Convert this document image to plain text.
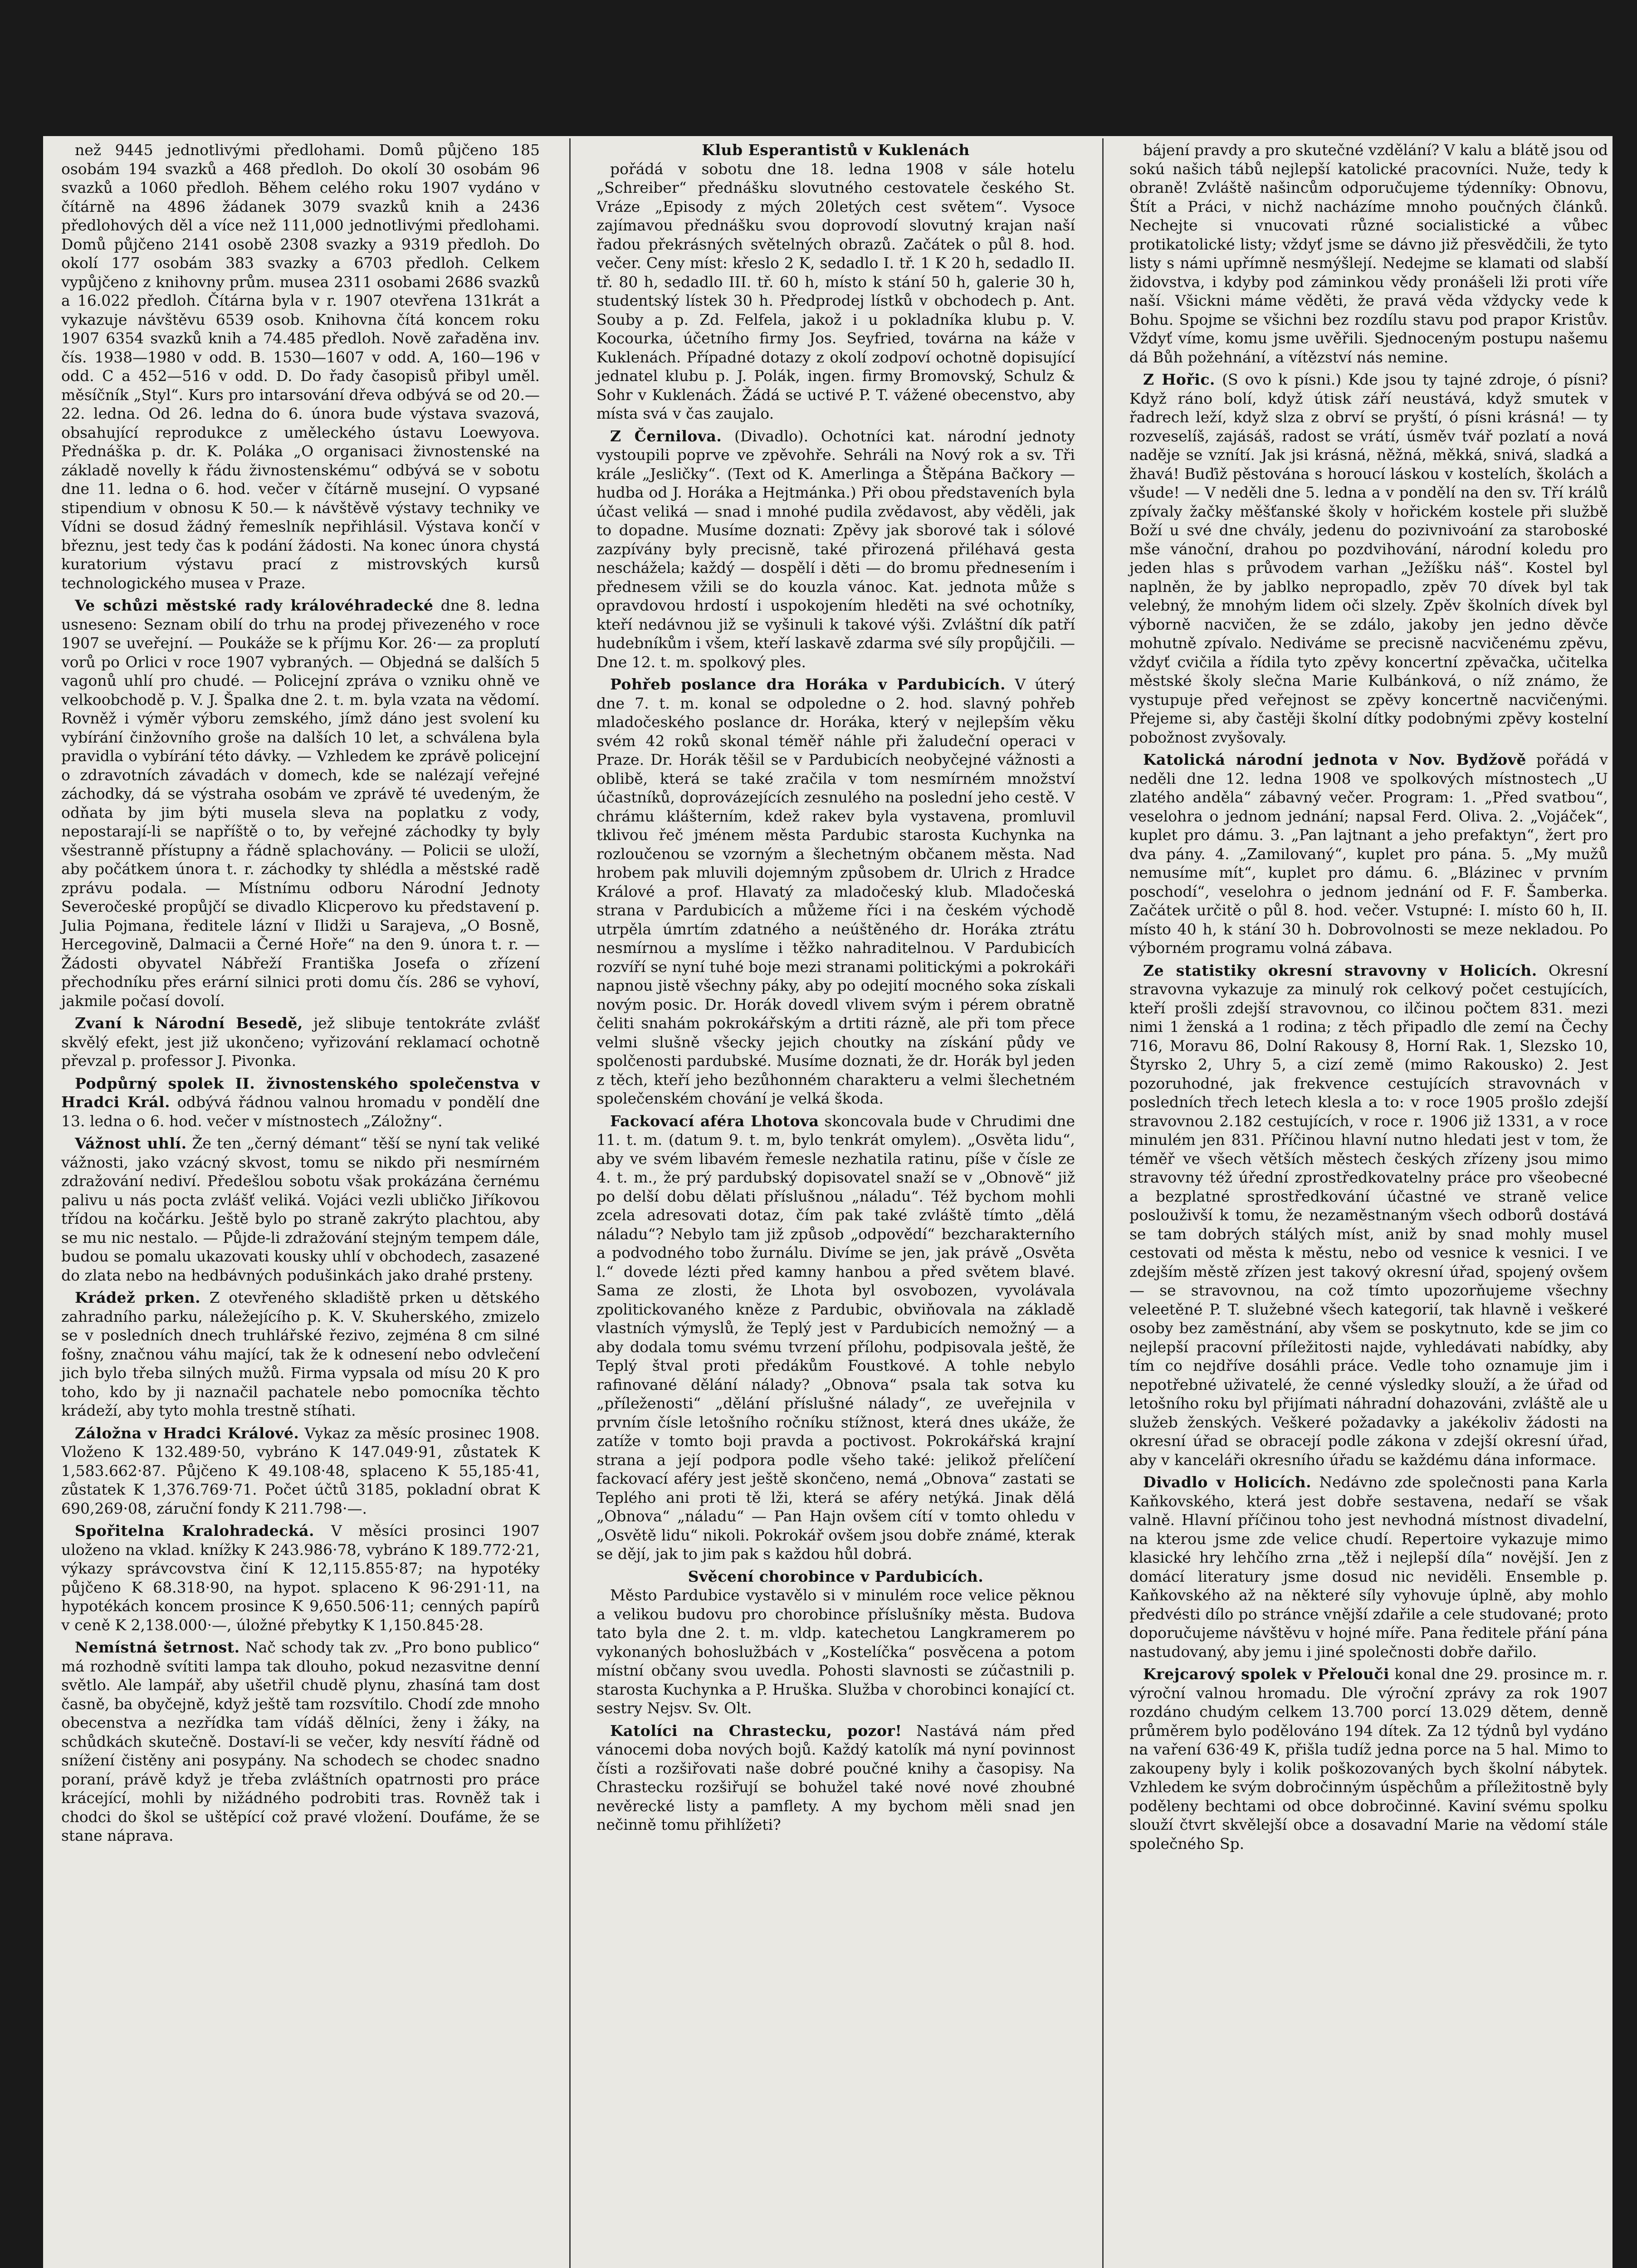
než 9445 jednotlivými předlohami. Domů půjčeno 185 osobám 194 svazků a 468 předloh. Do okolí 30 osobám 96 svazků a 1060 předloh. Během celého roku 1907 vydáno v čítárně na 4896 žádanek 3079 svazků knih a 2436 předlohových děl a více než 111,000 jednotlivými předlohami. Domů půjčeno 2141 osobě 2308 svazky a 9319 předloh. Do okolí 177 osobám 383 svazky a 6703 předloh. Celkem vypůjčeno z knihovny prům. musea 2311 osobami 2686 svazků a 16.022 předloh. Čítárna byla v r. 1907 otevřena 131krát a vykazuje návštěvu 6539 osob. Knihovna čítá koncem roku 1907 6354 svazků knih a 74.485 předloh. Nově zařaděna inv. čís. 1938—1980 v odd. B. 1530—1607 v odd. A, 160—196 v odd. C a 452—516 v odd. D. Do řady časopisů přibyl uměl. měsíčník „Styl“. Kurs pro intarsování dřeva odbývá se od 20.—22. ledna. Od 26. ledna do 6. února bude výstava svazová, obsahující reprodukce z uměleckého ústavu Loewyova. Přednáška p. dr. K. Poláka „O organisaci živnostenské na základě novelly k řádu živnostenskému“ odbývá se v sobotu dne 11. ledna o 6. hod. večer v čítárně musejní. O vypsané stipendium v obnosu K 50.— k návštěvě výstavy techniky ve Vídni se dosud žádný řemeslník nepřihlásil. Výstava končí v březnu, jest tedy čas k podání žádosti. Na konec února chystá kuratorium výstavu prací z mistrovských kursů technologického musea v Praze.

Ve schůzi městské rady královéhradecké dne 8. ledna usneseno: Seznam obilí do trhu na prodej přivezeného v roce 1907 se uveřejní. — Poukáže se k příjmu Kor. 26·— za proplutí vorů po Orlici v roce 1907 vybraných. — Objedná se dalších 5 vagonů uhlí pro chudé. — Policejní zpráva o vzniku ohně ve velkoobchodě p. V. J. Špalka dne 2. t. m. byla vzata na vědomí. Rovněž i výměr výboru zemského, jímž dáno jest svolení ku vybírání činžovního groše na dalších 10 let, a schválena byla pravidla o vybírání této dávky. — Vzhledem ke zprávě policejní o zdravotních závadách v domech, kde se nalézají veřejné záchodky, dá se výstraha osobám ve zprávě té uvedeným, že odňata by jim býti musela sleva na poplatku z vody, nepostarají-li se napříště o to, by veřejné záchodky ty byly všestranně přístupny a řádně splachovány. — Policii se uloží, aby počátkem února t. r. záchodky ty shlédla a městské radě zprávu podala. — Místnímu odboru Národní Jednoty Severočeské propůjčí se divadlo Klicperovo ku představení p. Julia Pojmana, ředitele lázní v Ilidži u Sarajeva, „O Bosně, Hercegovině, Dalmacii a Černé Hoře“ na den 9. února t. r. — Žádosti obyvatel Nábřeží Františka Josefa o zřízení přechodníku přes erární silnici proti domu čís. 286 se vyhoví, jakmile počasí dovolí.

Zvaní k Národní Besedě, jež slibuje tentokráte zvlášť skvělý efekt, jest již ukončeno; vyřizování reklamací ochotně převzal p. professor J. Pivonka.

Podpůrný spolek II. živnostenského společenstva v Hradci Král. odbývá řádnou valnou hromadu v pondělí dne 13. ledna o 6. hod. večer v místnostech „Záložny“.

Vážnost uhlí. Že ten „černý démant“ těší se nyní tak veliké vážnosti, jako vzácný skvost, tomu se nikdo při nesmírném zdražování nediví. Předešlou sobotu však prokázána černému palivu u nás pocta zvlášť veliká. Vojáci vezli ubličko Jiříkovou třídou na kočárku. Ještě bylo po straně zakrýto plachtou, aby se mu nic nestalo. — Půjde-li zdražování stejným tempem dále, budou se pomalu ukazovati kousky uhlí v obchodech, zasazené do zlata nebo na hedbávných podušinkách jako drahé prsteny.

Krádež prken. Z otevřeného skladiště prken u dětského zahradního parku, náležejícího p. K. V. Skuherského, zmizelo se v posledních dnech truhlářské řezivo, zejména 8 cm silné fošny, značnou váhu mající, tak že k odnesení nebo odvlečení jich bylo třeba silných mužů. Firma vypsala od mísu 20 K pro toho, kdo by ji naznačil pachatele nebo pomocníka těchto krádeží, aby tyto mohla trestně stíhati.

Záložna v Hradci Králové. Vykaz za měsíc prosinec 1908. Vloženo K 132.489·50, vybráno K 147.049·91, zůstatek K 1,583.662·87. Půjčeno K 49.108·48, splaceno K 55,185·41, zůstatek K 1,376.769·71. Počet účtů 3185, pokladní obrat K 690,269·08, záruční fondy K 211.798·—.

Spořitelna Kralohradecká. V měsíci prosinci 1907 uloženo na vklad. knížky K 243.986·78, vybráno K 189.772·21, výkazy správcovstva činí K 12,115.855·87; na hypotéky půjčeno K 68.318·90, na hypot. splaceno K 96·291·11, na hypotékách koncem prosince K 9,650.506·11; cenných papírů v ceně K 2,138.000·—, úložné přebytky K 1,150.845·28.

Nemístná šetrnost. Nač schody tak zv. „Pro bono publico“ má rozhodně svítiti lampa tak dlouho, pokud nezasvitne denní světlo. Ale lampář, aby ušetřil chudě plynu, zhasíná tam dost časně, ba obyčejně, když ještě tam rozsvítilo. Chodí zde mnoho obecenstva a nezřídka tam vídáš dělníci, ženy i žáky, na schůdkách skutečně. Dostaví-li se večer, kdy nesvítí řádně od snížení čistěny ani posypány. Na schodech se chodec snadno poraní, právě když je třeba zvláštních opatrnosti pro práce krácející, mohli by nižádného podrobiti tras. Rovněž tak i chodci do škol se uštěpící což pravé vložení. Doufáme, že se stane náprava.

Klub Esperantistů v Kuklenách

pořádá v sobotu dne 18. ledna 1908 v sále hotelu „Schreiber“ přednášku slovutného cestovatele českého St. Vráze „Episody z mých 20letých cest světem“. Vysoce zajímavou přednášku svou doprovodí slovutný krajan naší řadou překrásných světelných obrazů. Začátek o půl 8. hod. večer. Ceny míst: křeslo 2 K, sedadlo I. tř. 1 K 20 h, sedadlo II. tř. 80 h, sedadlo III. tř. 60 h, místo k stání 50 h, galerie 30 h, studentský lístek 30 h. Předprodej lístků v obchodech p. Ant. Souby a p. Zd. Felfela, jakož i u pokladníka klubu p. V. Kocourka, účetního firmy Jos. Seyfried, továrna na káže v Kuklenách. Případné dotazy z okolí zodpoví ochotně dopisující jednatel klubu p. J. Polák, ingen. firmy Bromovský, Schulz & Sohr v Kuklenách. Žádá se uctivé P. T. vážené obecenstvo, aby místa svá v čas zaujalo.

Z Černilova. (Divadlo). Ochotníci kat. národní jednoty vystoupili poprve ve zpěvohře. Sehráli na Nový rok a sv. Tři krále „Jesličky“. (Text od K. Amerlinga a Štěpána Bačkory — hudba od J. Horáka a Hejtmánka.) Při obou představeních byla účast veliká — snad i mnohé pudila zvědavost, aby věděli, jak to dopadne. Musíme doznati: Zpěvy jak sborové tak i sólové zazpívány byly precisně, také přirozená přiléhavá gesta neschážela; každý — dospělí i děti — do bromu přednesením i přednesem vžili se do kouzla vánoc. Kat. jednota může s opravdovou hrdostí i uspokojením hleděti na své ochotníky, kteří nedávnou již se vyšinuli k takové výši. Zvláštní dík patří hudebníkům i všem, kteří laskavě zdarma své síly propůjčili. — Dne 12. t. m. spolkový ples.

Pohřeb poslance dra Horáka v Pardubicích. V úterý dne 7. t. m. konal se odpoledne o 2. hod. slavný pohřeb mladočeského poslance dr. Horáka, který v nejlepším věku svém 42 roků skonal téměř náhle při žaludeční operaci v Praze. Dr. Horák těšil se v Pardubicích neobyčejné vážnosti a oblibě, která se také zračila v tom nesmírném množství účastníků, doprovázejících zesnulého na poslední jeho cestě. V chrámu klášterním, kdež rakev byla vystavena, promluvil tklivou řeč jménem města Pardubic starosta Kuchynka na rozloučenou se vzorným a šlechetným občanem města. Nad hrobem pak mluvili dojemným způsobem dr. Ulrich z Hradce Králové a prof. Hlavatý za mladočeský klub. Mladočeská strana v Pardubicích a můžeme říci i na českém východě utrpěla úmrtím zdatného a neúštěného dr. Horáka ztrátu nesmírnou a myslíme i těžko nahraditelnou. V Pardubicích rozvíří se nyní tuhé boje mezi stranami politickými a pokrokáři napnou jistě všechny páky, aby po odejití mocného soka získali novým posic. Dr. Horák dovedl vlivem svým i pérem obratně čeliti snahám pokrokářským a drtiti rázně, ale při tom přece velmi slušně všecky jejich choutky na získání půdy ve spolčenosti pardubské. Musíme doznati, že dr. Horák byl jeden z těch, kteří jeho bezůhonném charakteru a velmi šlechetném společenském chování je velká škoda.

Fackovací aféra Lhotova skoncovala bude v Chrudimi dne 11. t. m. (datum 9. t. m, bylo tenkrát omylem). „Osvěta lidu“, aby ve svém libavém řemesle nezhatila ratinu, píše v čísle ze 4. t. m., že prý pardubský dopisovatel snaží se v „Obnově“ již po delší dobu dělati příslušnou „náladu“. Též bychom mohli zcela adresovati dotaz, čím pak také zvláště tímto „dělá náladu“? Nebylo tam již způsob „odpovědí“ bezcharakterního a podvodného tobo žurnálu. Divíme se jen, jak právě „Osvěta l.“ dovede lézti před kamny hanbou a před světem blavé. Sama ze zlosti, že Lhota byl osvobozen, vyvolávala zpolitickovaného kněze z Pardubic, obviňovala na základě vlastních výmyslů, že Teplý jest v Pardubicích nemožný — a aby dodala tomu svému tvrzení přílohu, podpisovala ještě, že Teplý štval proti předákům Foustkové. A tohle nebylo rafinované dělání nálady? „Obnova“ psala tak sotva ku „příleženosti“ „dělání příslušné nálady“, ze uveřejnila v prvním čísle letošního ročníku stížnost, která dnes ukáže, že zatíže v tomto boji pravda a poctivost. Pokrokářská krajní strana a její podpora podle všeho také: jelikož přelíčení fackovací aféry jest ještě skončeno, nemá „Obnova“ zastati se Teplého ani proti tě lži, která se aféry netýká. Jinak dělá „Obnova“ „náladu“ — Pan Hajn ovšem cítí v tomto ohledu v „Osvětě lidu“ nikoli. Pokrokář ovšem jsou dobře známé, kterak se dějí, jak to jim pak s každou hůl dobrá.

Svěcení chorobince v Pardubicích.

Město Pardubice vystavělo si v minulém roce velice pěknou a velikou budovu pro chorobince příslušníky města. Budova tato byla dne 2. t. m. vldp. katechetou Langkramerem po vykonaných bohoslužbách v „Kostelíčka“ posvěcena a potom místní občany svou uvedla. Pohosti slavnosti se zúčastnili p. starosta Kuchynka a P. Hruška. Služba v chorobinci konající ct. sestry Nejsv. Sv. Olt.

Katolíci na Chrastecku, pozor! Nastává nám před vánocemi doba nových bojů. Každý katolík má nyní povinnost čísti a rozšiřovati naše dobré poučné knihy a časopisy. Na Chrastecku rozšiřují se bohužel také nové nové zhoubné nevěrecké listy a pamflety. A my bychom měli snad jen nečinně tomu přihlížeti?

bájení pravdy a pro skutečné vzdělání? V kalu a blátě jsou od sokú našich tábů nejlepší katolické pracovníci. Nuže, tedy k obraně! Zvláště našincům odporučujeme týdenníky: Obnovu, Štít a Práci, v nichž nacházíme mnoho poučných článků. Nechejte si vnucovati různé socialistické a vůbec protikatolické listy; vždyť jsme se dávno již přesvědčili, že tyto listy s námi upřímně nesmýšlejí. Nedejme se klamati od slabší židovstva, i kdyby pod záminkou vědy pronášeli lži proti víře naší. Všickni máme věděti, že pravá věda vždycky vede k Bohu. Spojme se všichni bez rozdílu stavu pod prapor Kristův. Vždyť víme, komu jsme uvěřili. Sjednoceným postupu našemu dá Bůh požehnání, a vítězství nás nemine.

Z Hořic. (S ovo k písni.) Kde jsou ty tajné zdroje, ó písni? Když ráno bolí, když útisk září neustává, když smutek v řadrech leží, když slza z obrví se pryští, ó písni krásná! — ty rozveselíš, zajásáš, radost se vrátí, úsměv tvář pozlatí a nová naděje se vznítí. Jak jsi krásná, něžná, měkká, snivá, sladká a žhavá! Buďiž pěstována s horoucí láskou v kostelích, školách a všude! — V neděli dne 5. ledna a v pondělí na den sv. Tří králů zpívaly žačky měšťanské školy v hořickém kostele při službě Boží u své dne chvály, jedenu do pozivnivoání za staroboské mše vánoční, drahou po pozdvihování, národní koledu pro jeden hlas s průvodem varhan „Ježíšku náš“. Kostel byl naplněn, že by jablko nepropadlo, zpěv 70 dívek byl tak velebný, že mnohým lidem oči slzely. Zpěv školních dívek byl výborně nacvičen, že se zdálo, jakoby jen jedno děvče mohutně zpívalo. Nediváme se precisně nacvičenému zpěvu, vždyť cvičila a řídila tyto zpěvy koncertní zpěvačka, učitelka městské školy slečna Marie Kulbánková, o níž známo, že vystupuje před veřejnost se zpěvy koncertně nacvičenými. Přejeme si, aby častěji školní dítky podobnými zpěvy kostelní pobožnost zvyšovaly.

Katolická národní jednota v Nov. Bydžově pořádá v neděli dne 12. ledna 1908 ve spolkových místnostech „U zlatého anděla“ zábavný večer. Program: 1. „Před svatbou“, veselohra o jednom jednání; napsal Ferd. Oliva. 2. „Vojáček“, kuplet pro dámu. 3. „Pan lajtnant a jeho prefaktyn“, žert pro dva pány. 4. „Zamilovaný“, kuplet pro pána. 5. „My mužů nemusíme mít“, kuplet pro dámu. 6. „Blázinec v prvním poschodí“, veselohra o jednom jednání od F. F. Šamberka. Začátek určitě o půl 8. hod. večer. Vstupné: I. místo 60 h, II. místo 40 h, k stání 30 h. Dobrovolnosti se meze nekladou. Po výborném programu volná zábava.

Ze statistiky okresní stravovny v Holicích. Okresní stravovna vykazuje za minulý rok celkový počet cestujících, kteří prošli zdejší stravovnou, co ilčinou počtem 831. mezi nimi 1 ženská a 1 rodina; z těch připadlo dle zemí na Čechy 716, Moravu 86, Dolní Rakousy 8, Horní Rak. 1, Slezsko 10, Štyrsko 2, Uhry 5, a cizí země (mimo Rakousko) 2. Jest pozoruhodné, jak frekvence cestujících stravovnách v posledních třech letech klesla a to: v roce 1905 prošlo zdejší stravovnou 2.182 cestujících, v roce r. 1906 již 1331, a v roce minulém jen 831. Příčinou hlavní nutno hledati jest v tom, že téměř ve všech větších městech českých zřízeny jsou mimo stravovny též úřední zprostředkovatelny práce pro všeobecné a bezplatné sprostředkování účastné ve straně velice poslouživší k tomu, že nezaměstnaným všech odborů dostává se tam dobrých stálých míst, aniž by snad mohly musel cestovati od města k městu, nebo od vesnice k vesnici. I ve zdejším městě zřízen jest takový okresní úřad, spojený ovšem — se stravovnou, na což tímto upozorňujeme všechny veleetěné P. T. služebné všech kategorií, tak hlavně i veškeré osoby bez zaměstnání, aby všem se poskytnuto, kde se jim co nejlepší pracovní příležitosti najde, vyhledávati nabídky, aby tím co nejdříve dosáhli práce. Vedle toho oznamuje jim i nepotřebné uživatelé, že cenné výsledky slouží, a že úřad od letošního roku byl přijímati náhradní dohazováni, zvláště ale u služeb ženských. Veškeré požadavky a jakékoliv žádosti na okresní úřad se obracejí podle zákona v zdejší okresní úřad, aby v kanceláři okresního úřadu se každému dána informace.

Divadlo v Holicích. Nedávno zde společnosti pana Karla Kaňkovského, která jest dobře sestavena, nedaří se však valně. Hlavní příčinou toho jest nevhodná místnost divadelní, na kterou jsme zde velice chudí. Repertoire vykazuje mimo klasické hry lehčího zrna „těž i nejlepší díla“ novější. Jen z domácí literatury jsme dosud nic neviděli. Ensemble p. Kaňkovského až na některé síly vyhovuje úplně, aby mohlo předvésti dílo po stránce vnější zdařile a cele studované; proto doporučujeme návštěvu v hojné míře. Pana ředitele přání pána nastudovaný, aby jemu i jiné společnosti dobře dařilo.

Krejcarový spolek v Přelouči konal dne 29. prosince m. r. výroční valnou hromadu. Dle výroční zprávy za rok 1907 rozdáno chudým celkem 13.700 porcí 13.029 dětem, denně průměrem bylo podělováno 194 dítek. Za 12 týdnů byl vydáno na vaření 636·49 K, přišla tudíž jedna porce na 5 hal. Mimo to zakoupeny byly i kolik poškozovaných bych školní nábytek. Vzhledem ke svým dobročinným úspěchům a příležitostně byly poděleny bechtami od obce dobročinné. Kaviní svému spolku slouží čtvrt skvělejší obce a dosavadní Marie na vědomí stále společného Sp.
